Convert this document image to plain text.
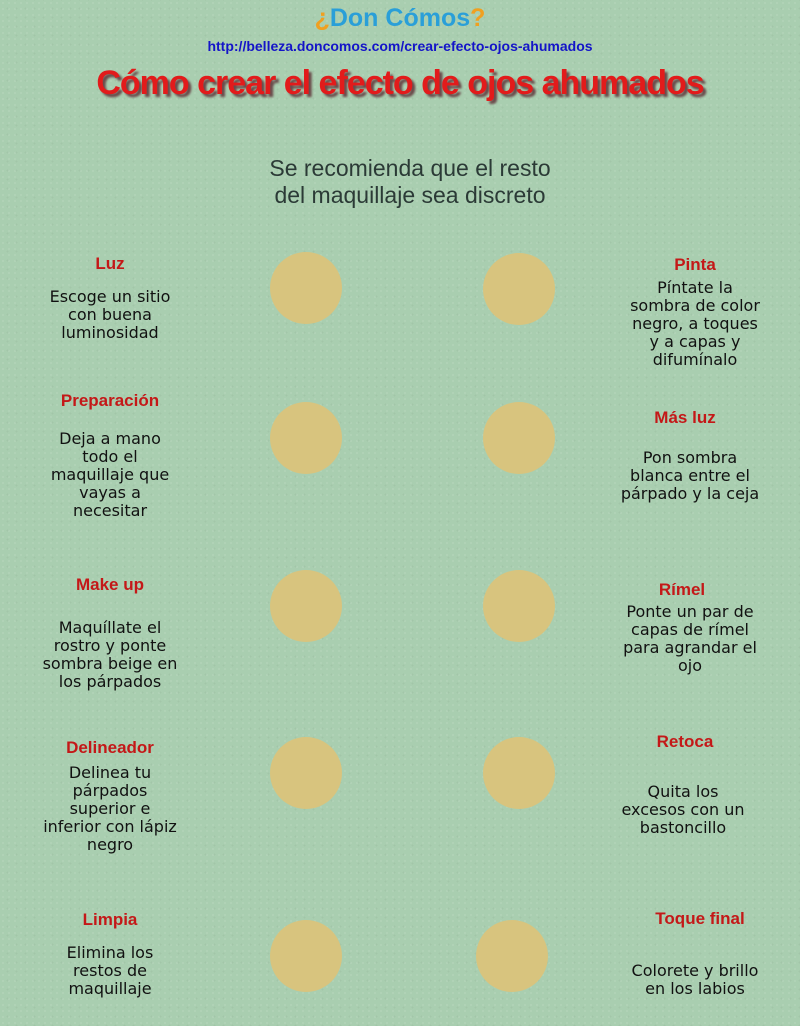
¿Don Cómos?
http://belleza.doncomos.com/crear-efecto-ojos-ahumados
Cómo crear el efecto de ojos ahumados
Se recomienda que el resto
del maquillaje sea discreto
Luz
Escoge un sitio
con buena
luminosidad
Preparación
Deja a mano
todo el
maquillaje que
vayas a
necesitar
Make up
Maquíllate el
rostro y ponte
sombra beige en
los párpados
Delineador
Delinea tu
párpados
superior e
inferior con lápiz
negro
Limpia
Elimina los
restos de
maquillaje
Pinta
Píntate la
sombra de color
negro, a toques
y a capas y
difumínalo
Más luz
Pon sombra
blanca entre el
párpado y la ceja
Rímel
Ponte un par de
capas de rímel
para agrandar el
ojo
Retoca
Quita los
excesos con un
bastoncillo
Toque final
Colorete y brillo
en los labios
